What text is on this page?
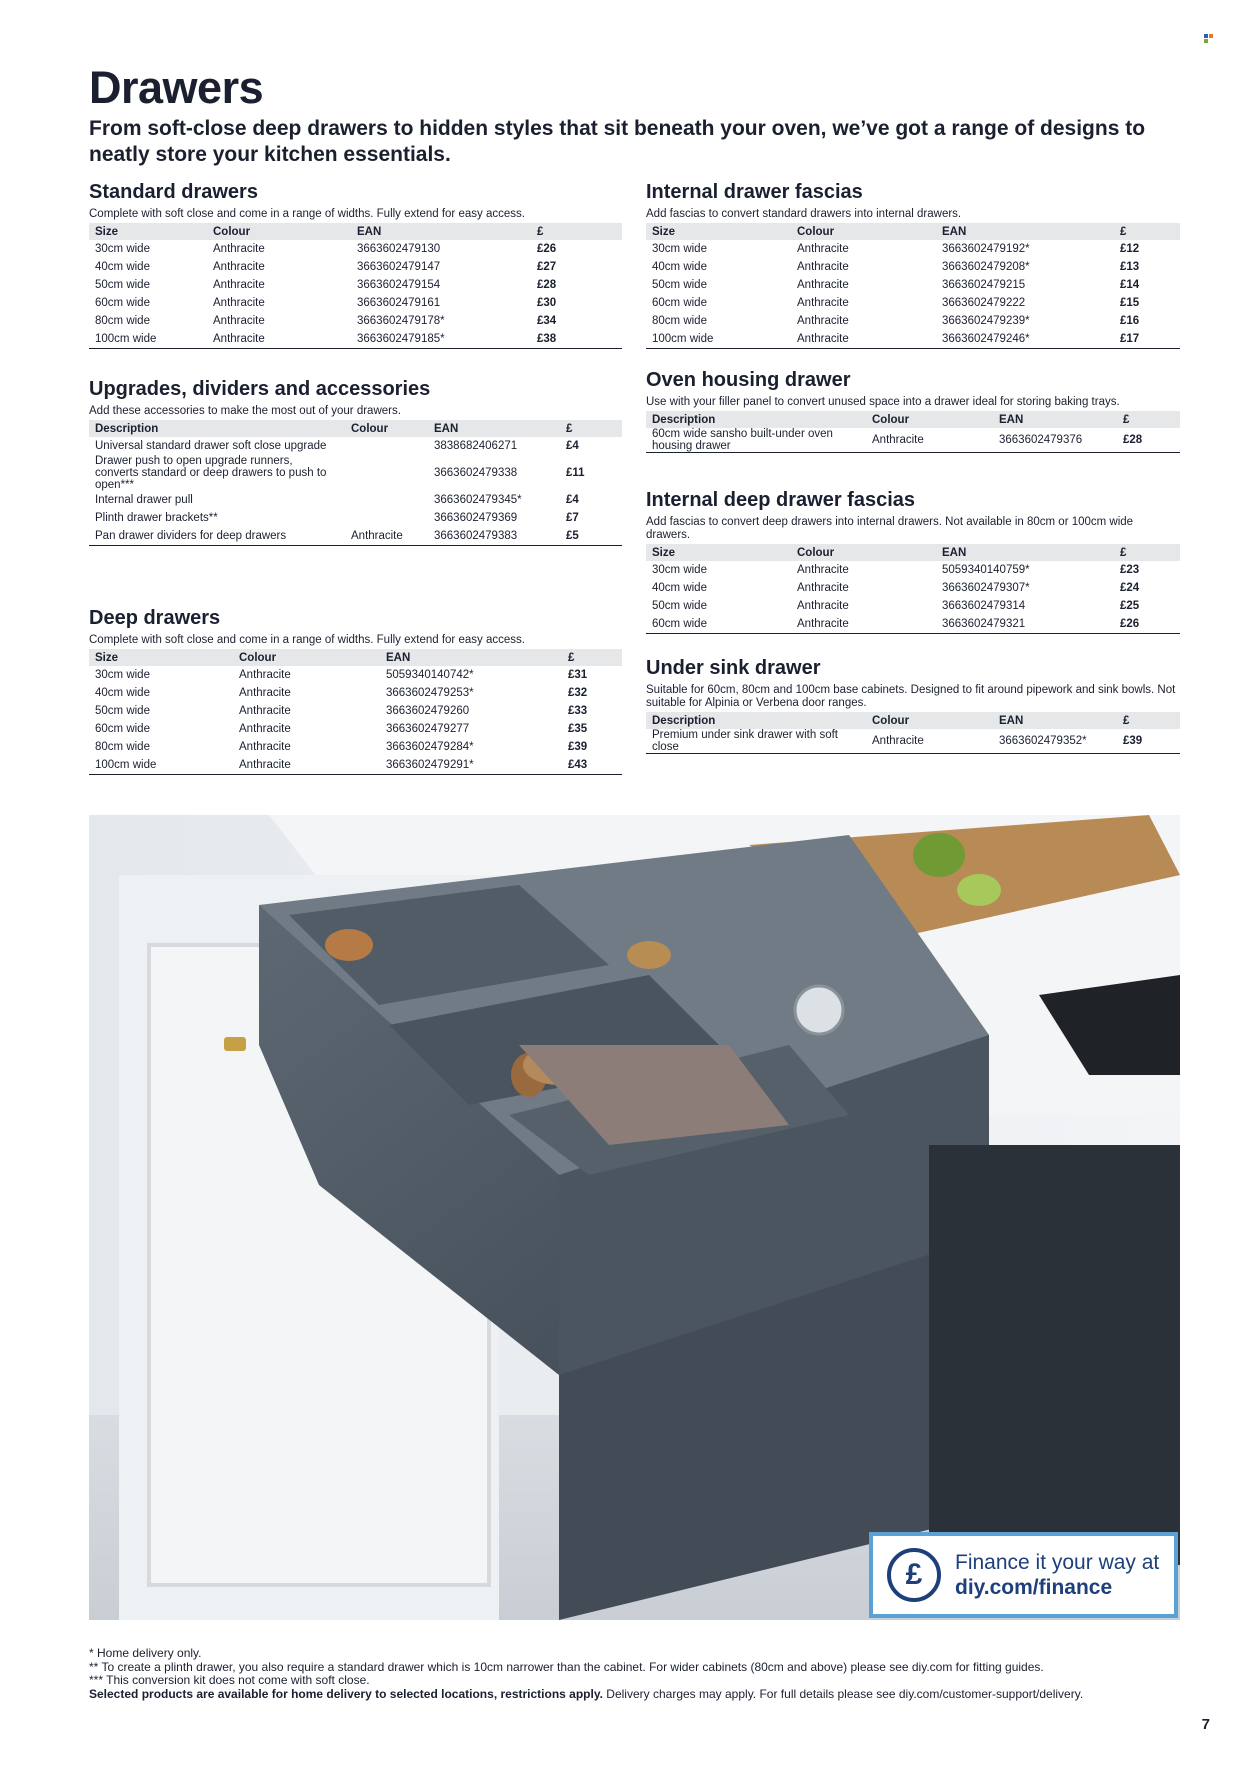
Drawers

From soft-close deep drawers to hidden styles that sit beneath your oven, we’ve got a range of designs to neatly store your kitchen essentials.

Standard drawers

Complete with soft close and come in a range of widths. Fully extend for easy access.

Size	Colour	EAN	£
30cm wide	Anthracite	3663602479130	£26
40cm wide	Anthracite	3663602479147	£27
50cm wide	Anthracite	3663602479154	£28
60cm wide	Anthracite	3663602479161	£30
80cm wide	Anthracite	3663602479178*	£34
100cm wide	Anthracite	3663602479185*	£38
Upgrades, dividers and accessories

Add these accessories to make the most out of your drawers.

Description	Colour	EAN	£
Universal standard drawer soft close upgrade		3838682406271	£4
Drawer push to open upgrade runners, converts standard or deep drawers to push to open***		3663602479338	£11
Internal drawer pull		3663602479345*	£4
Plinth drawer brackets**		3663602479369	£7
Pan drawer dividers for deep drawers	Anthracite	3663602479383	£5
Deep drawers

Complete with soft close and come in a range of widths. Fully extend for easy access.

Size	Colour	EAN	£
30cm wide	Anthracite	5059340140742*	£31
40cm wide	Anthracite	3663602479253*	£32
50cm wide	Anthracite	3663602479260	£33
60cm wide	Anthracite	3663602479277	£35
80cm wide	Anthracite	3663602479284*	£39
100cm wide	Anthracite	3663602479291*	£43
Internal drawer fascias

Add fascias to convert standard drawers into internal drawers.

Size	Colour	EAN	£
30cm wide	Anthracite	3663602479192*	£12
40cm wide	Anthracite	3663602479208*	£13
50cm wide	Anthracite	3663602479215	£14
60cm wide	Anthracite	3663602479222	£15
80cm wide	Anthracite	3663602479239*	£16
100cm wide	Anthracite	3663602479246*	£17
Oven housing drawer

Use with your filler panel to convert unused space into a drawer ideal for storing baking trays.

Description	Colour	EAN	£
60cm wide sansho built-under oven housing drawer	Anthracite	3663602479376	£28
Internal deep drawer fascias

Add fascias to convert deep drawers into internal drawers. Not available in 80cm or 100cm wide drawers.

Size	Colour	EAN	£
30cm wide	Anthracite	5059340140759*	£23
40cm wide	Anthracite	3663602479307*	£24
50cm wide	Anthracite	3663602479314	£25
60cm wide	Anthracite	3663602479321	£26
Under sink drawer

Suitable for 60cm, 80cm and 100cm base cabinets. Designed to fit around pipework and sink bowls. Not suitable for Alpinia or Verbena door ranges.

Description	Colour	EAN	£
Premium under sink drawer with soft close	Anthracite	3663602479352*	£39
£	Finance it your way at
diy.com/finance

* Home delivery only.

** To create a plinth drawer, you also require a standard drawer which is 10cm narrower than the cabinet. For wider cabinets (80cm and above) please see diy.com for fitting guides.

*** This conversion kit does not come with soft close.

Selected products are available for home delivery to selected locations, restrictions apply. Delivery charges may apply. For full details please see diy.com/customer-support/delivery.

7
